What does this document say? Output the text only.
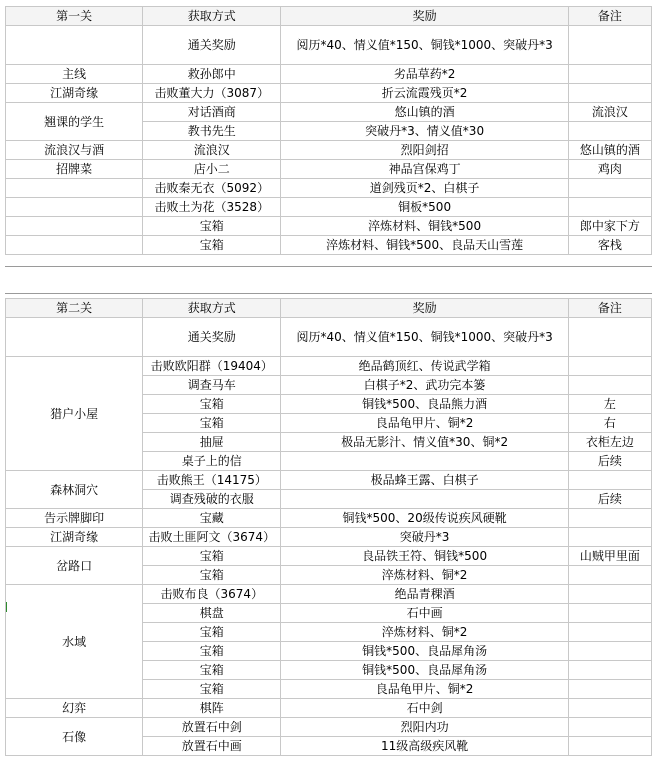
第一关	获取方式	奖励	备注
	通关奖励	阅历*40、情义值*150、铜钱*1000、突破丹*3	
主线	救孙郎中	劣品草药*2	
江湖奇缘	击败董大力（3087）	折云流霞残页*2	
翘课的学生	对话酒商	悠山镇的酒	流浪汉
	教书先生	突破丹*3、情义值*30	
流浪汉与酒	流浪汉	烈阳剑招	悠山镇的酒
招牌菜	店小二	神品宫保鸡丁	鸡肉
	击败秦无衣（5092）	道剑残页*2、白棋子	
	击败土为花（3528）	铜板*500	
	宝箱	淬炼材料、铜钱*500	郎中家下方
	宝箱	淬炼材料、铜钱*500、良品天山雪莲	客栈
第二关	获取方式	奖励	备注
	通关奖励	阅历*40、情义值*150、铜钱*1000、突破丹*3	
猎户小屋	击败欧阳群（19404）	绝品鹤顶红、传说武学箱	
	调查马车	白棋子*2、武功完本篓	
	宝箱	铜钱*500、良品熊力酒	左
	宝箱	良品龟甲片、铜*2	右
	抽屉	极品无影汁、情义值*30、铜*2	衣柜左边
	桌子上的信		后续
森林洞穴	击败熊王（14175）	极品蜂王露、白棋子	
	调查残破的衣服		后续
告示牌脚印	宝藏	铜钱*500、20级传说疾风硬靴	
江湖奇缘	击败土匪阿文（3674）	突破丹*3	
岔路口	宝箱	良品铁王符、铜钱*500	山贼甲里面
	宝箱	淬炼材料、铜*2	
水域	击败布良（3674）	绝品青稞酒	
	棋盘	石中画	
	宝箱	淬炼材料、铜*2	
	宝箱	铜钱*500、良品犀角汤	
	宝箱	铜钱*500、良品犀角汤	
	宝箱	良品龟甲片、铜*2	
幻弈	棋阵	石中剑	
石像	放置石中剑	烈阳内功	
	放置石中画	11级高级疾风靴	
